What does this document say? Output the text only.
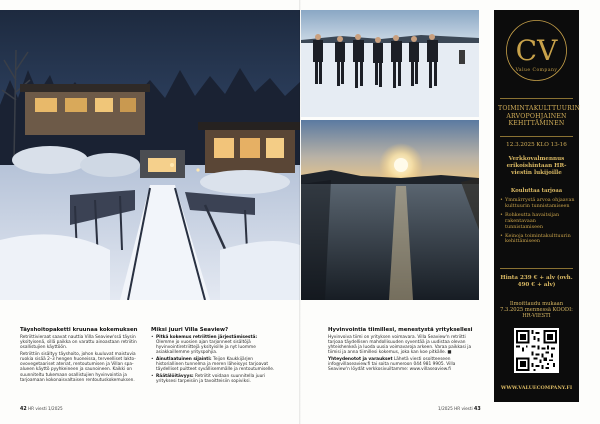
CV
Value Company
TOIMINTAKULTTUURIN ARVOPOHJAINEN KEHITTÄMINEN
12.3.2025 KLO 13-16
Verkkovalmennus erikoishintaan HR-viestin lukijoille
Kouluttaa tarjoaa
• Ymmärrystä arvoa ohjaavan kulttuurin tunnistamiseen
• Rohkeutta havaitsijan rakentavaan tunnistamiseen
• Keinoja toimintakulttuurin kehittämiseen
Hinta 239 € + alv (ovh. 490 € + alv)
Ilmoittaudu mukaan 7.3.2025 mennessä KOODI: HR-VIESTI
WWW.VALUECOMPANY.FI
Täyshoitopaketti kruunaa kokemuksen

Retriittivieraat saavat nauttia Villa Seaview'ssä täysin yksityisenä, sillä paikka on varattu ainoastaan retriitin osallistujien käyttöön.

Retriittiin sisältyy täyshoito, johon kuuluvat maistuvia ruokia sisää 2–3 hengen huoneissa, terveelliset lakto-ovovegetaariset ateriat, rentoutumisen ja Villan spa-alueen käyttö pyyhkeineen ja saunoineen. Kaikki on suunniteltu tukemaan osallistujien hyvinvointia ja tarjoamaan kokonaisvaltaisen rentoutuskokemuksen.

Miksi juuri Villa Seaview?
• Pitkä kokemus retriittien järjestämisestä: Olemme jo vuosien ajan tarjonneet sisältöjä hyvinvointiretriittejä yksityisille ja nyt luomme asiakkaillemme yrityspohjia.
• Ainutlaatuinen sijainti: Teijon Kaukkijärjen historiallinen tunnelma ja meren läheisyys tarjoavat täydelliset puitteet syvällisemmälle ja rentoutumiselle.
• Räätälöitävyys: Retriitit voidaan suunnitella juuri yrityksesi tarpeisiin ja tavoitteisiin sopiviksi.
Hyvinvointia tiimillesi, menestystä yrityksellesi

Hyvinvoiva tiimi on yrityksen voimavara. Villa Seaview'n retriitti tarjoaa täydellisen mahdollisuuden syventää ja uudistaa olevan yhteishenkeä ja luoda uusia voimavaroja arkeen. Varaa paikkasi ja tiimisi ja anna tiimillesi kokemus, joka kan koe pitkälle. ■

Yhteydenotot ja varaukset Lähetä viesti osoitteeseen info@villaseaview.fi tai soita numeroon 044 981 9905. Villa Seaview'n löydät verkkosivuiltamme: www.villaseaview.fi

42 HR viesti 1/2025	1/2025 HR viesti 43
